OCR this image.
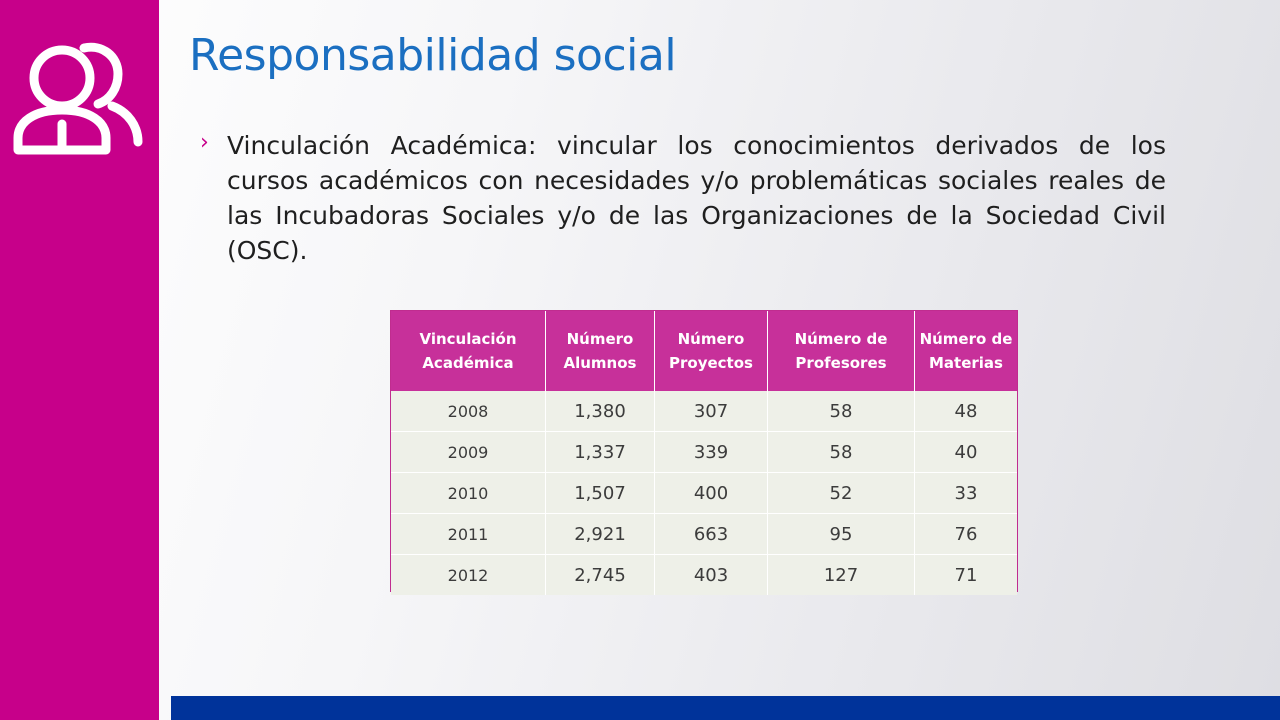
Responsabilidad social
› Vinculación Académica: vincular los conocimientos derivados de los cursos académicos con necesidades y/o problemáticas sociales reales de las Incubadoras Sociales y/o de las Organizaciones de la Sociedad Civil (OSC).

Vinculación Académica	Número Alumnos	Número Proyectos	Número de Profesores	Número de Materias
2008	1,380	307	58	48
2009	1,337	339	58	40
2010	1,507	400	52	33
2011	2,921	663	95	76
2012	2,745	403	127	71
